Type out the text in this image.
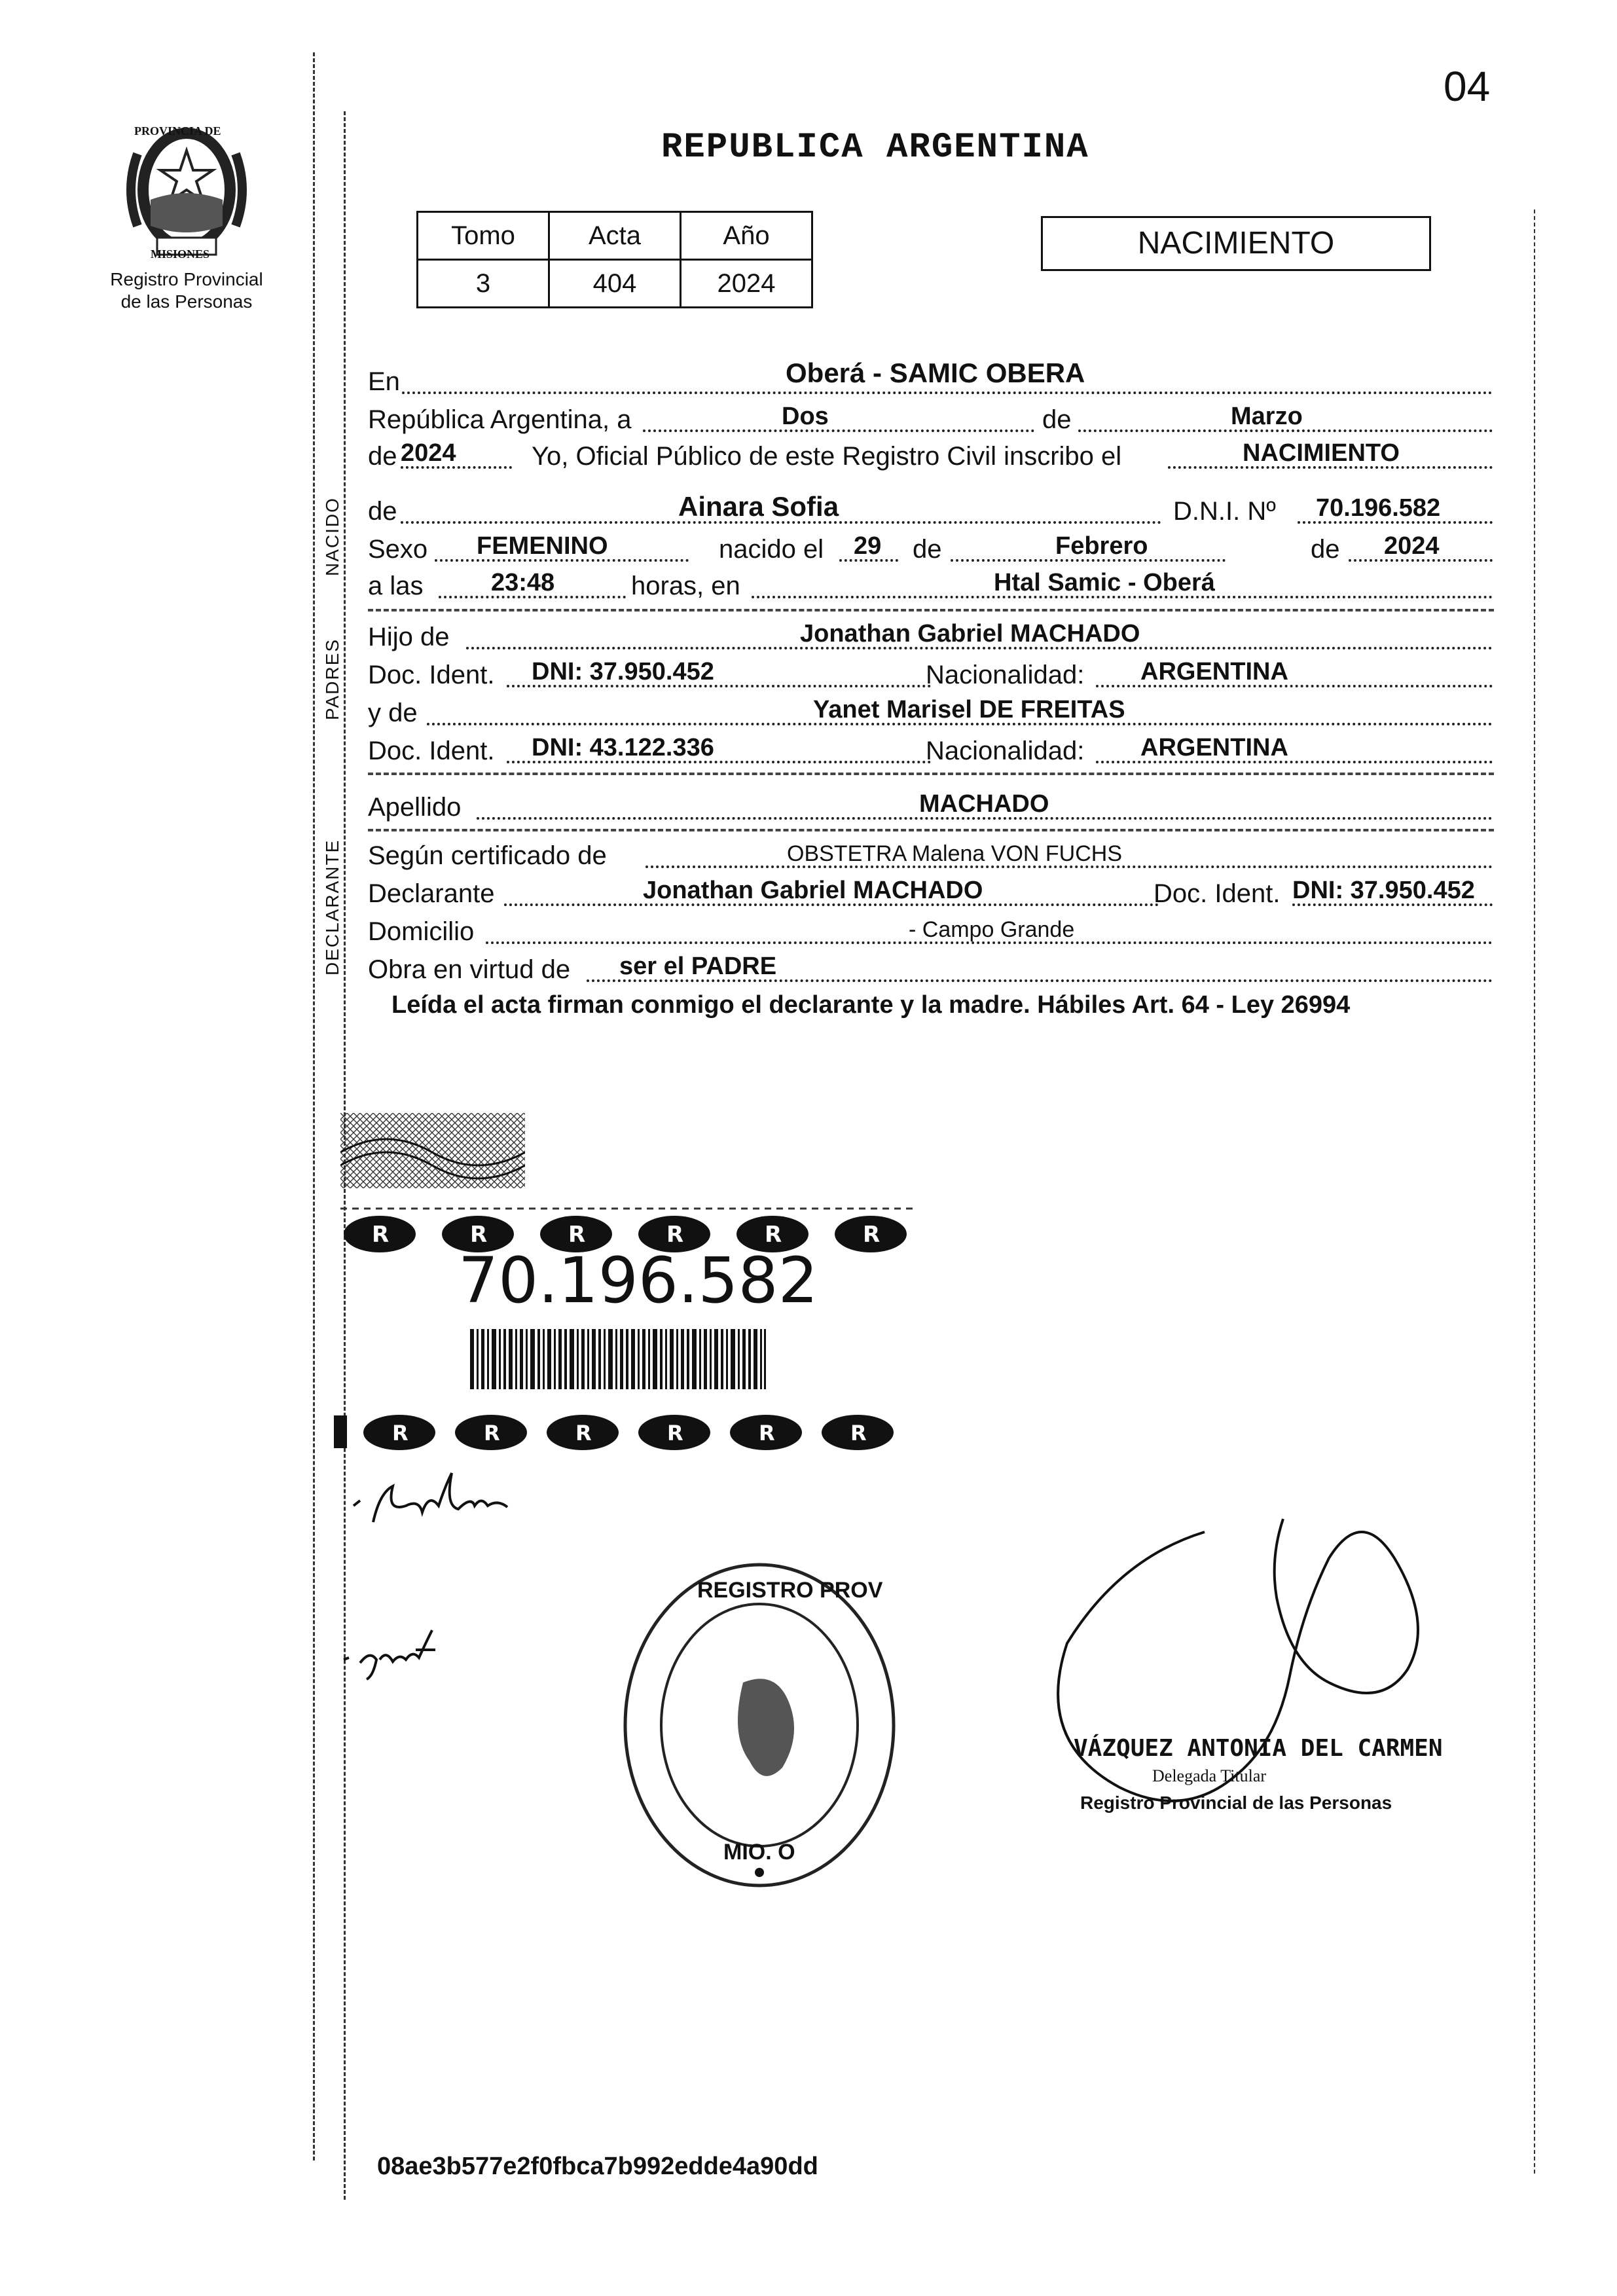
04
Registro Provincial
de las Personas
PROVINCIA DE
MISIONES
REPUBLICA ARGENTINA
Tomo	Acta	Año
3	404	2024
NACIMIENTO
NACIDO
PADRES
DECLARANTE
En	Oberá - SAMIC OBERA
República Argentina, a	Dos	de	Marzo
de 2024	Yo, Oficial Público de este Registro Civil inscribo el	NACIMIENTO
de	Ainara Sofia	D.N.I. Nº 70.196.582
Sexo FEMENINO	nacido el 29 de	Febrero	de 2024
a las	23:48	horas, en	Htal Samic - Oberá
Hijo de	Jonathan Gabriel MACHADO
Doc. Ident. DNI: 37.950.452	Nacionalidad: ARGENTINA
y de	Yanet Marisel DE FREITAS
Doc. Ident. DNI: 43.122.336	Nacionalidad: ARGENTINA
Apellido	MACHADO
Según certificado de	OBSTETRA Malena VON FUCHS
Declarante	Jonathan Gabriel MACHADO	Doc. Ident. DNI: 37.950.452
Domicilio	- Campo Grande
Obra en virtud de ser el PADRE
Leída el acta firman conmigo el declarante y la madre. Hábiles Art. 64 - Ley 26994
R	R	R	R	R	R
70.196.582
R	R	R	R	R	R
REGISTRO PROV
MIO. O
VÁZQUEZ ANTONIA DEL CARMEN
Delegada Titular
Registro Provincial de las Personas
08ae3b577e2f0fbca7b992edde4a90dd
